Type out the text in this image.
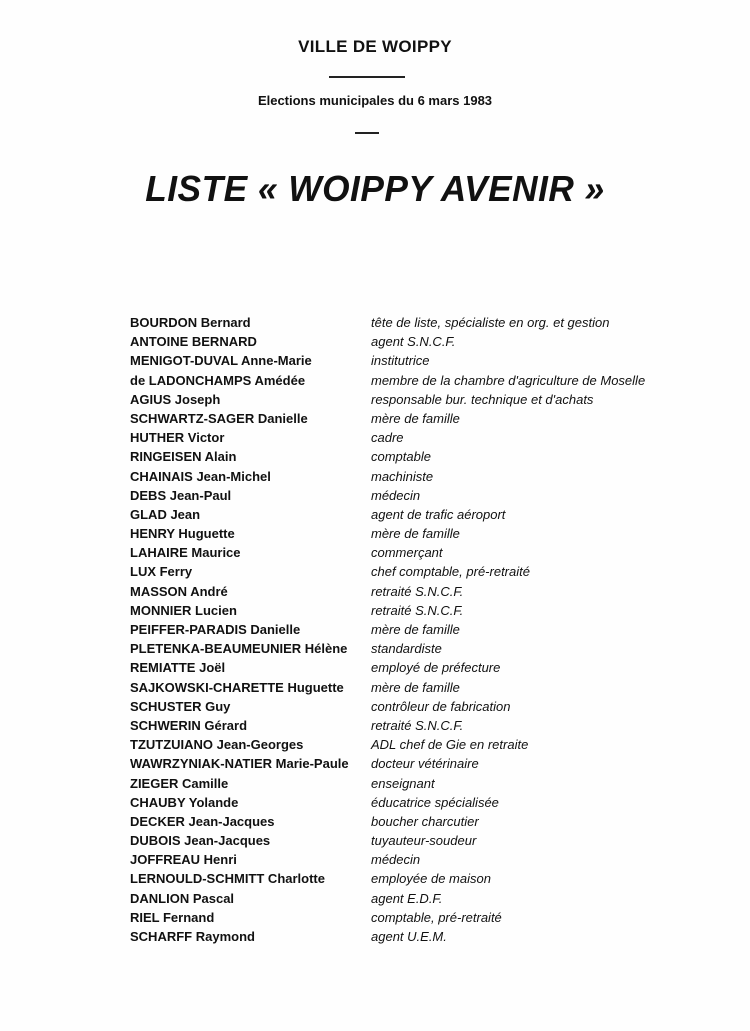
VILLE DE WOIPPY
Elections municipales du 6 mars 1983
LISTE « WOIPPY AVENIR »
BOURDON Bernard	tête de liste, spécialiste en org. et gestion
ANTOINE BERNARD	agent S.N.C.F.
MENIGOT-DUVAL Anne-Marie	institutrice
de LADONCHAMPS Amédée	membre de la chambre d'agriculture de Moselle
AGIUS Joseph	responsable bur. technique et d'achats
SCHWARTZ-SAGER Danielle	mère de famille
HUTHER Victor	cadre
RINGEISEN Alain	comptable
CHAINAIS Jean-Michel	machiniste
DEBS Jean-Paul	médecin
GLAD Jean	agent de trafic aéroport
HENRY Huguette	mère de famille
LAHAIRE Maurice	commerçant
LUX Ferry	chef comptable, pré-retraité
MASSON André	retraité S.N.C.F.
MONNIER Lucien	retraité S.N.C.F.
PEIFFER-PARADIS Danielle	mère de famille
PLETENKA-BEAUMEUNIER Hélène standardiste
REMIATTE Joël	employé de préfecture
SAJKOWSKI-CHARETTE Huguette mère de famille
SCHUSTER Guy	contrôleur de fabrication
SCHWERIN Gérard	retraité S.N.C.F.
TZUTZUIANO Jean-Georges	ADL chef de Gie en retraite
WAWRZYNIAK-NATIER Marie-Paule docteur vétérinaire
ZIEGER Camille	enseignant
CHAUBY Yolande	éducatrice spécialisée
DECKER Jean-Jacques	boucher charcutier
DUBOIS Jean-Jacques	tuyauteur-soudeur
JOFFREAU Henri	médecin
LERNOULD-SCHMITT Charlotte	employée de maison
DANLION Pascal	agent E.D.F.
RIEL Fernand	comptable, pré-retraité
SCHARFF Raymond	agent U.E.M.
